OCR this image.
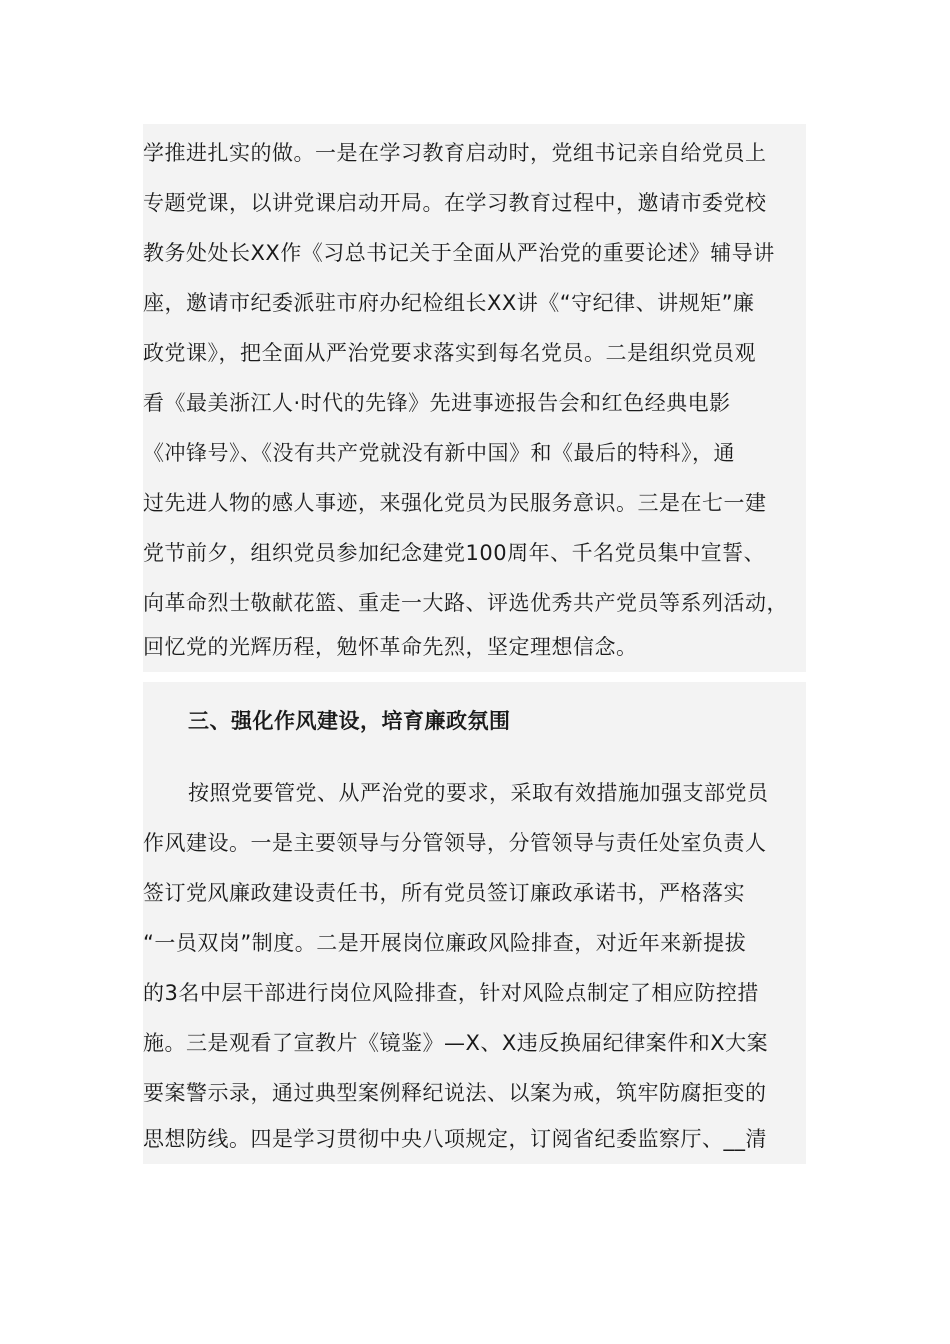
学推进扎实的做。一是在学习教育启动时，党组书记亲自给党员上
专题党课，以讲党课启动开局。在学习教育过程中，邀请市委党校
教务处处长XX作《习总书记关于全面从严治党的重要论述》辅导讲
座，邀请市纪委派驻市府办纪检组长XX讲《“守纪律、讲规矩”廉
政党课》，把全面从严治党要求落实到每名党员。二是组织党员观
看《最美浙江人·时代的先锋》先进事迹报告会和红色经典电影
《冲锋号》、《没有共产党就没有新中国》和《最后的特科》，通
过先进人物的感人事迹，来强化党员为民服务意识。三是在七一建
党节前夕，组织党员参加纪念建党100周年、千名党员集中宣誓、
向革命烈士敬献花篮、重走一大路、评选优秀共产党员等系列活动，
回忆党的光辉历程，勉怀革命先烈，坚定理想信念。
三、强化作风建设，培育廉政氛围
按照党要管党、从严治党的要求，采取有效措施加强支部党员
作风建设。一是主要领导与分管领导，分管领导与责任处室负责人
签订党风廉政建设责任书，所有党员签订廉政承诺书，严格落实
“一员双岗”制度。二是开展岗位廉政风险排查，对近年来新提拔
的3名中层干部进行岗位风险排查，针对风险点制定了相应防控措
施。三是观看了宣教片《镜鉴》—X、X违反换届纪律案件和X大案
要案警示录，通过典型案例释纪说法、以案为戒，筑牢防腐拒变的
思想防线。四是学习贯彻中央八项规定，订阅省纪委监察厅、__清
